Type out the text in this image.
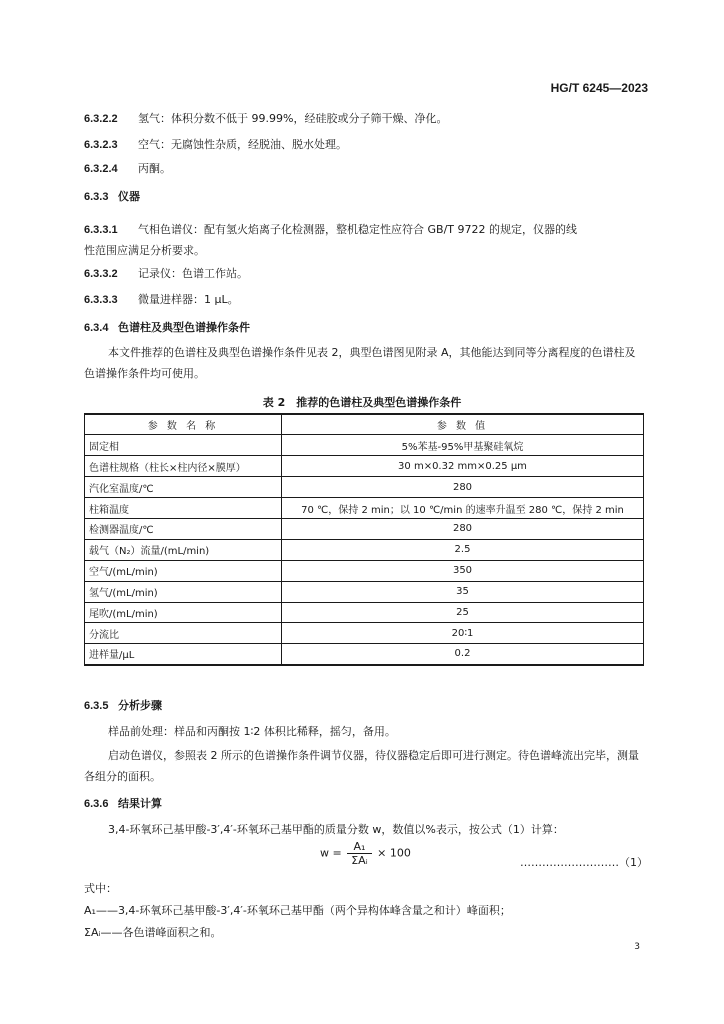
HG/T 6245—2023
6.3.2.2 氢气：体积分数不低于 99.99%，经硅胶或分子筛干燥、净化。
6.3.2.3 空气：无腐蚀性杂质，经脱油、脱水处理。
6.3.2.4 丙酮。
6.3.3 仪器
6.3.3.1 气相色谱仪：配有氢火焰离子化检测器，整机稳定性应符合 GB/T 9722 的规定，仪器的线
性范围应满足分析要求。
6.3.3.2 记录仪：色谱工作站。
6.3.3.3 微量进样器：1 μL。
6.3.4 色谱柱及典型色谱操作条件
本文件推荐的色谱柱及典型色谱操作条件见表 2，典型色谱图见附录 A，其他能达到同等分离程度的色谱柱及色谱操作条件均可使用。
表 2　推荐的色谱柱及典型色谱操作条件
参 数 名 称	参 数 值
固定相	5%苯基-95%甲基聚硅氧烷
色谱柱规格（柱长×柱内径×膜厚）	30 m×0.32 mm×0.25 μm
汽化室温度/℃	280
柱箱温度	70 ℃，保持 2 min；以 10 ℃/min 的速率升温至 280 ℃，保持 2 min
检测器温度/℃	280
载气（N₂）流量/(mL/min)	2.5
空气/(mL/min)	350
氢气/(mL/min)	35
尾吹/(mL/min)	25
分流比	20∶1
进样量/μL	0.2
6.3.5 分析步骤
样品前处理：样品和丙酮按 1∶2 体积比稀释，摇匀，备用。
启动色谱仪，参照表 2 所示的色谱操作条件调节仪器，待仪器稳定后即可进行测定。待色谱峰流出完毕，测量各组分的面积。
6.3.6 结果计算
3,4-环氧环己基甲酸-3′,4′-环氧环己基甲酯的质量分数 w，数值以%表示，按公式（1）计算：
$w = \frac{\text{A₁}}{\text{ΣAᵢ}} \times 100$
………………………（1）
式中：
A₁——3,4-环氧环己基甲酸-3′,4′-环氧环己基甲酯（两个异构体峰含量之和计）峰面积；
ΣAᵢ——各色谱峰面积之和。
3
